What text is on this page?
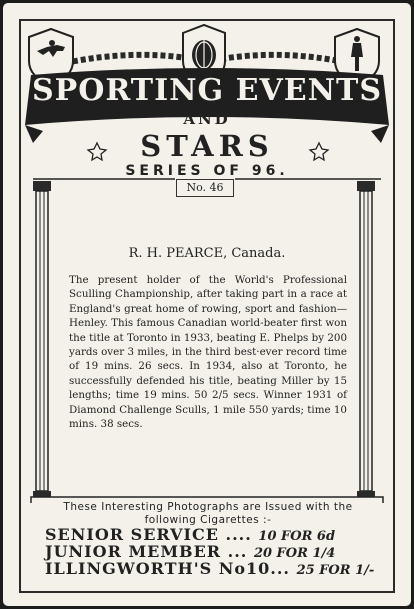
SPORTING EVENTS
AND
STARS
SERIES OF 96.
No. 46
R. H. PEARCE, Canada.
The present holder of the World's Professional Sculling Championship, after taking part in a race at England's great home of rowing, sport and fashion—Henley. This famous Canadian world-beater first won the title at Toronto in 1933, beating E. Phelps by 200 yards over 3 miles, in the third best·ever record time of 19 mins. 26 secs. In 1934, also at Toronto, he successfully defended his title, beating Miller by 15 lengths; time 19 mins. 50 2/5 secs. Winner 1931 of Diamond Challenge Sculls, 1 mile 550 yards; time 10 mins. 38 secs.
These Interesting Photographs are Issued with the following Cigarettes :-
SENIOR SERVICE .... 10 FOR 6d
JUNIOR MEMBER ... 20 FOR 1/4
ILLINGWORTH'S No10... 25 FOR 1/-
